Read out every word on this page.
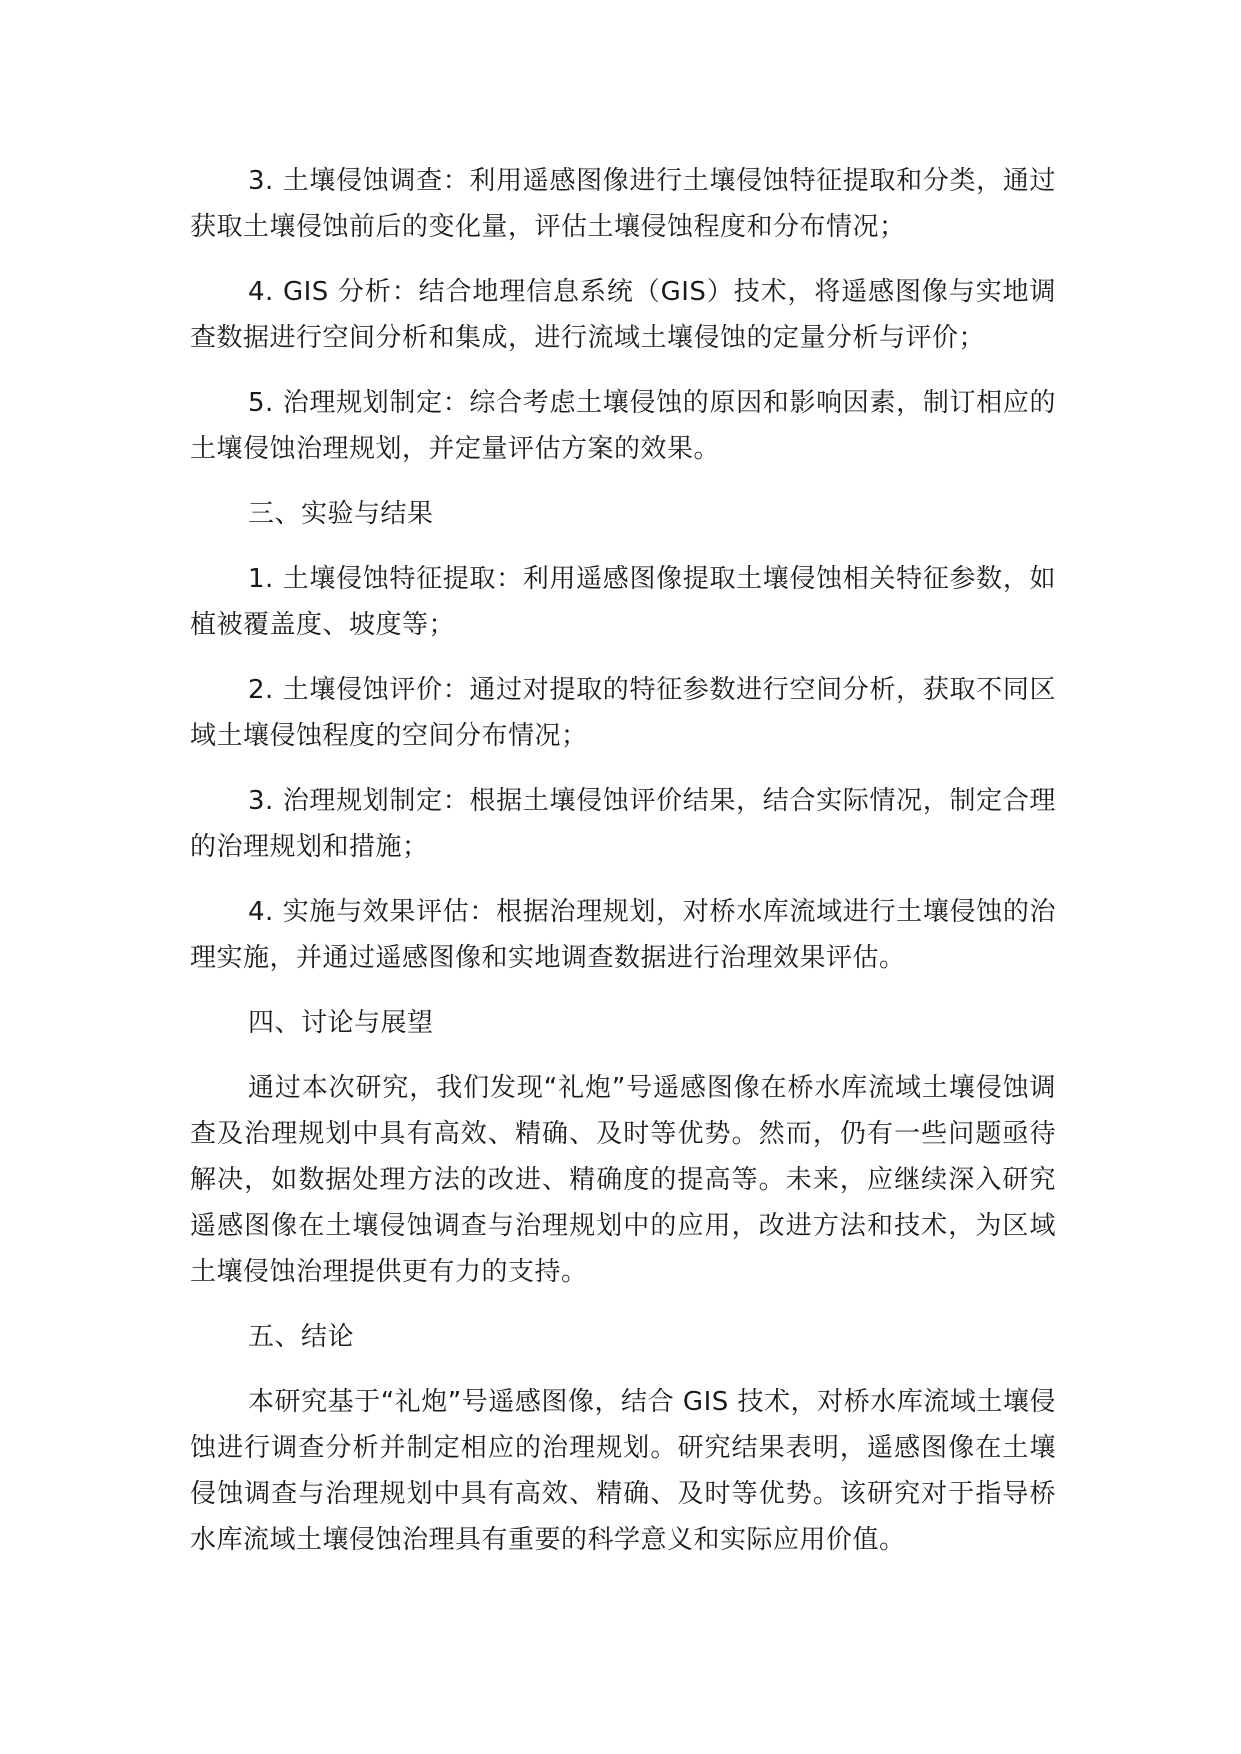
3. 土壤侵蚀调查：利用遥感图像进行土壤侵蚀特征提取和分类，通过获取土壤侵蚀前后的变化量，评估土壤侵蚀程度和分布情况；

4. GIS 分析：结合地理信息系统（GIS）技术，将遥感图像与实地调查数据进行空间分析和集成，进行流域土壤侵蚀的定量分析与评价；

5. 治理规划制定：综合考虑土壤侵蚀的原因和影响因素，制订相应的土壤侵蚀治理规划，并定量评估方案的效果。

三、实验与结果

1. 土壤侵蚀特征提取：利用遥感图像提取土壤侵蚀相关特征参数，如植被覆盖度、坡度等；

2. 土壤侵蚀评价：通过对提取的特征参数进行空间分析，获取不同区域土壤侵蚀程度的空间分布情况；

3. 治理规划制定：根据土壤侵蚀评价结果，结合实际情况，制定合理的治理规划和措施；

4. 实施与效果评估：根据治理规划，对桥水库流域进行土壤侵蚀的治理实施，并通过遥感图像和实地调查数据进行治理效果评估。

四、讨论与展望

通过本次研究，我们发现“礼炮”号遥感图像在桥水库流域土壤侵蚀调查及治理规划中具有高效、精确、及时等优势。然而，仍有一些问题亟待解决，如数据处理方法的改进、精确度的提高等。未来，应继续深入研究遥感图像在土壤侵蚀调查与治理规划中的应用，改进方法和技术，为区域土壤侵蚀治理提供更有力的支持。

五、结论

本研究基于“礼炮”号遥感图像，结合 GIS 技术，对桥水库流域土壤侵蚀进行调查分析并制定相应的治理规划。研究结果表明，遥感图像在土壤侵蚀调查与治理规划中具有高效、精确、及时等优势。该研究对于指导桥水库流域土壤侵蚀治理具有重要的科学意义和实际应用价值。
